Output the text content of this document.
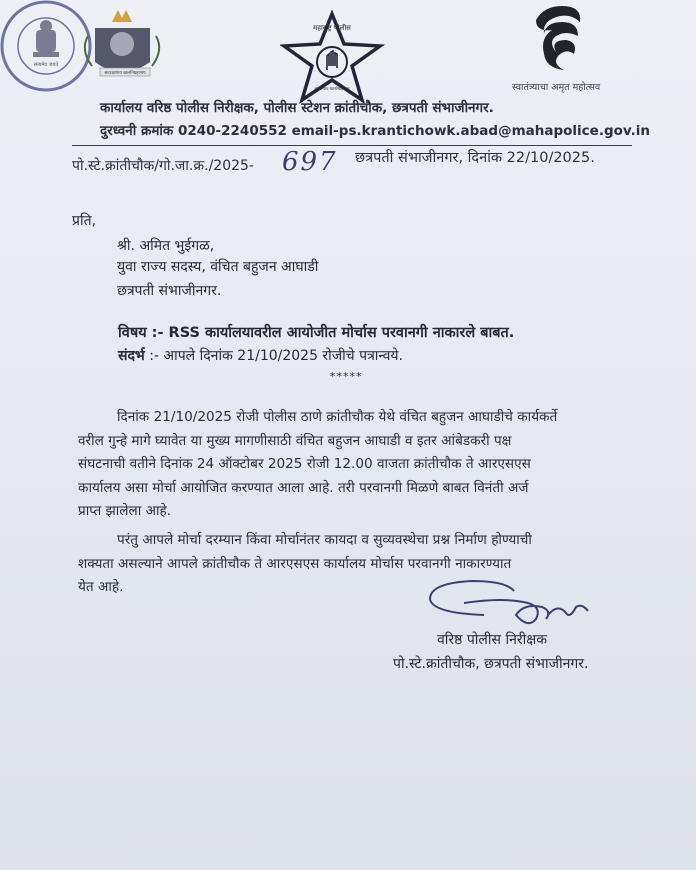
सत्यमेव जयते
सदरक्षणाय खलनिग्रहणाय
महाराष्ट्र पोलीस
सद्रक्षणाय खलनिग्रहणाय	स्वातंत्र्याचा अमृत महोत्सव
कार्यालय वरिष्ठ पोलीस निरीक्षक, पोलीस स्टेशन क्रांतीचौक, छत्रपती संभाजीनगर.
दुरध्वनी क्रमांक 0240-2240552 email-ps.krantichowk.abad@mahapolice.gov.in
पो.स्टे.क्रांतीचौक/गो.जा.क्र./2025- 697 छत्रपती संभाजीनगर, दिनांक 22/10/2025.
प्रति,
श्री. अमित भुईगळ,
युवा राज्य सदस्य, वंचित बहुजन आघाडी
छत्रपती संभाजीनगर.
विषय :- RSS कार्यालयावरील आयोजीत मोर्चास परवानगी नाकारले बाबत.
संदर्भ :- आपले दिनांक 21/10/2025 रोजीचे पत्रान्वये.
*****
दिनांक 21/10/2025 रोजी पोलीस ठाणे क्रांतीचौक येथे वंचित बहुजन आघाडीचे कार्यकर्ते
वरील गुन्हे मागे घ्यावेत या मुख्य मागणीसाठी वंचित बहुजन आघाडी व इतर आंबेडकरी पक्ष
संघटनाची वतीने दिनांक 24 ऑक्टोबर 2025 रोजी 12.00 वाजता क्रांतीचौक ते आरएसएस
कार्यालय असा मोर्चा आयोजित करण्यात आला आहे. तरी परवानगी मिळणे बाबत विनंती अर्ज
प्राप्त झालेला आहे.
परंतु आपले मोर्चा दरम्यान किंवा मोर्चानंतर कायदा व सुव्यवस्थेचा प्रश्न निर्माण होण्याची
शक्यता असल्याने आपले क्रांतीचौक ते आरएसएस कार्यालय मोर्चास परवानगी नाकारण्यात
येत आहे.
वरिष्ठ पोलीस निरीक्षक
पो.स्टे.क्रांतीचौक, छत्रपती संभाजीनगर.
